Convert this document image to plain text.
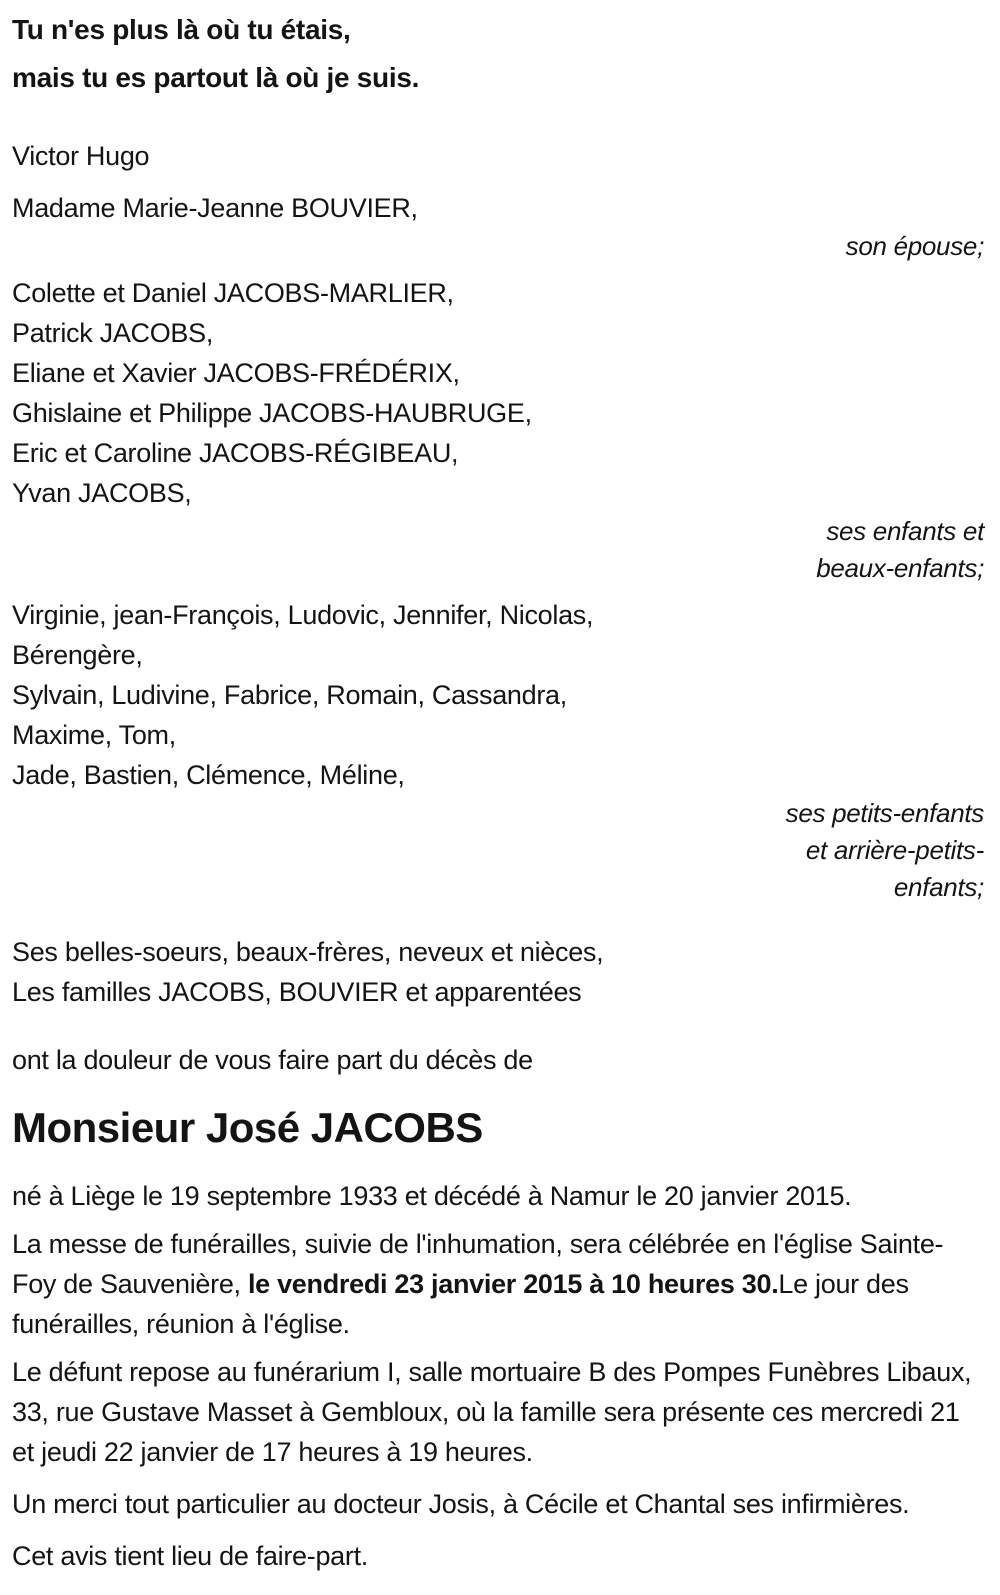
Tu n'es plus là où tu étais,
mais tu es partout là où je suis.
Victor Hugo
Madame Marie-Jeanne BOUVIER,
son épouse;
Colette et Daniel JACOBS-MARLIER,
Patrick JACOBS,
Eliane et Xavier JACOBS-FRÉDÉRIX,
Ghislaine et Philippe JACOBS-HAUBRUGE,
Eric et Caroline JACOBS-RÉGIBEAU,
Yvan JACOBS,
ses enfants et
beaux-enfants;
Virginie, jean-François, Ludovic, Jennifer, Nicolas,
Bérengère,
Sylvain, Ludivine, Fabrice, Romain, Cassandra,
Maxime, Tom,
Jade, Bastien, Clémence, Méline,
ses petits-enfants
et arrière-petits-
enfants;
Ses belles-soeurs, beaux-frères, neveux et nièces,
Les familles JACOBS, BOUVIER et apparentées
ont la douleur de vous faire part du décès de
Monsieur José JACOBS

né à Liège le 19 septembre 1933 et décédé à Namur le 20 janvier 2015.

La messe de funérailles, suivie de l'inhumation, sera célébrée en l'église Sainte-Foy de Sauvenière, le vendredi 23 janvier 2015 à 10 heures 30.Le jour des funérailles, réunion à l'église.

Le défunt repose au funérarium I, salle mortuaire B des Pompes Funèbres Libaux, 33, rue Gustave Masset à Gembloux, où la famille sera présente ces mercredi 21 et jeudi 22 janvier de 17 heures à 19 heures.

Un merci tout particulier au docteur Josis, à Cécile et Chantal ses infirmières.

Cet avis tient lieu de faire-part.
